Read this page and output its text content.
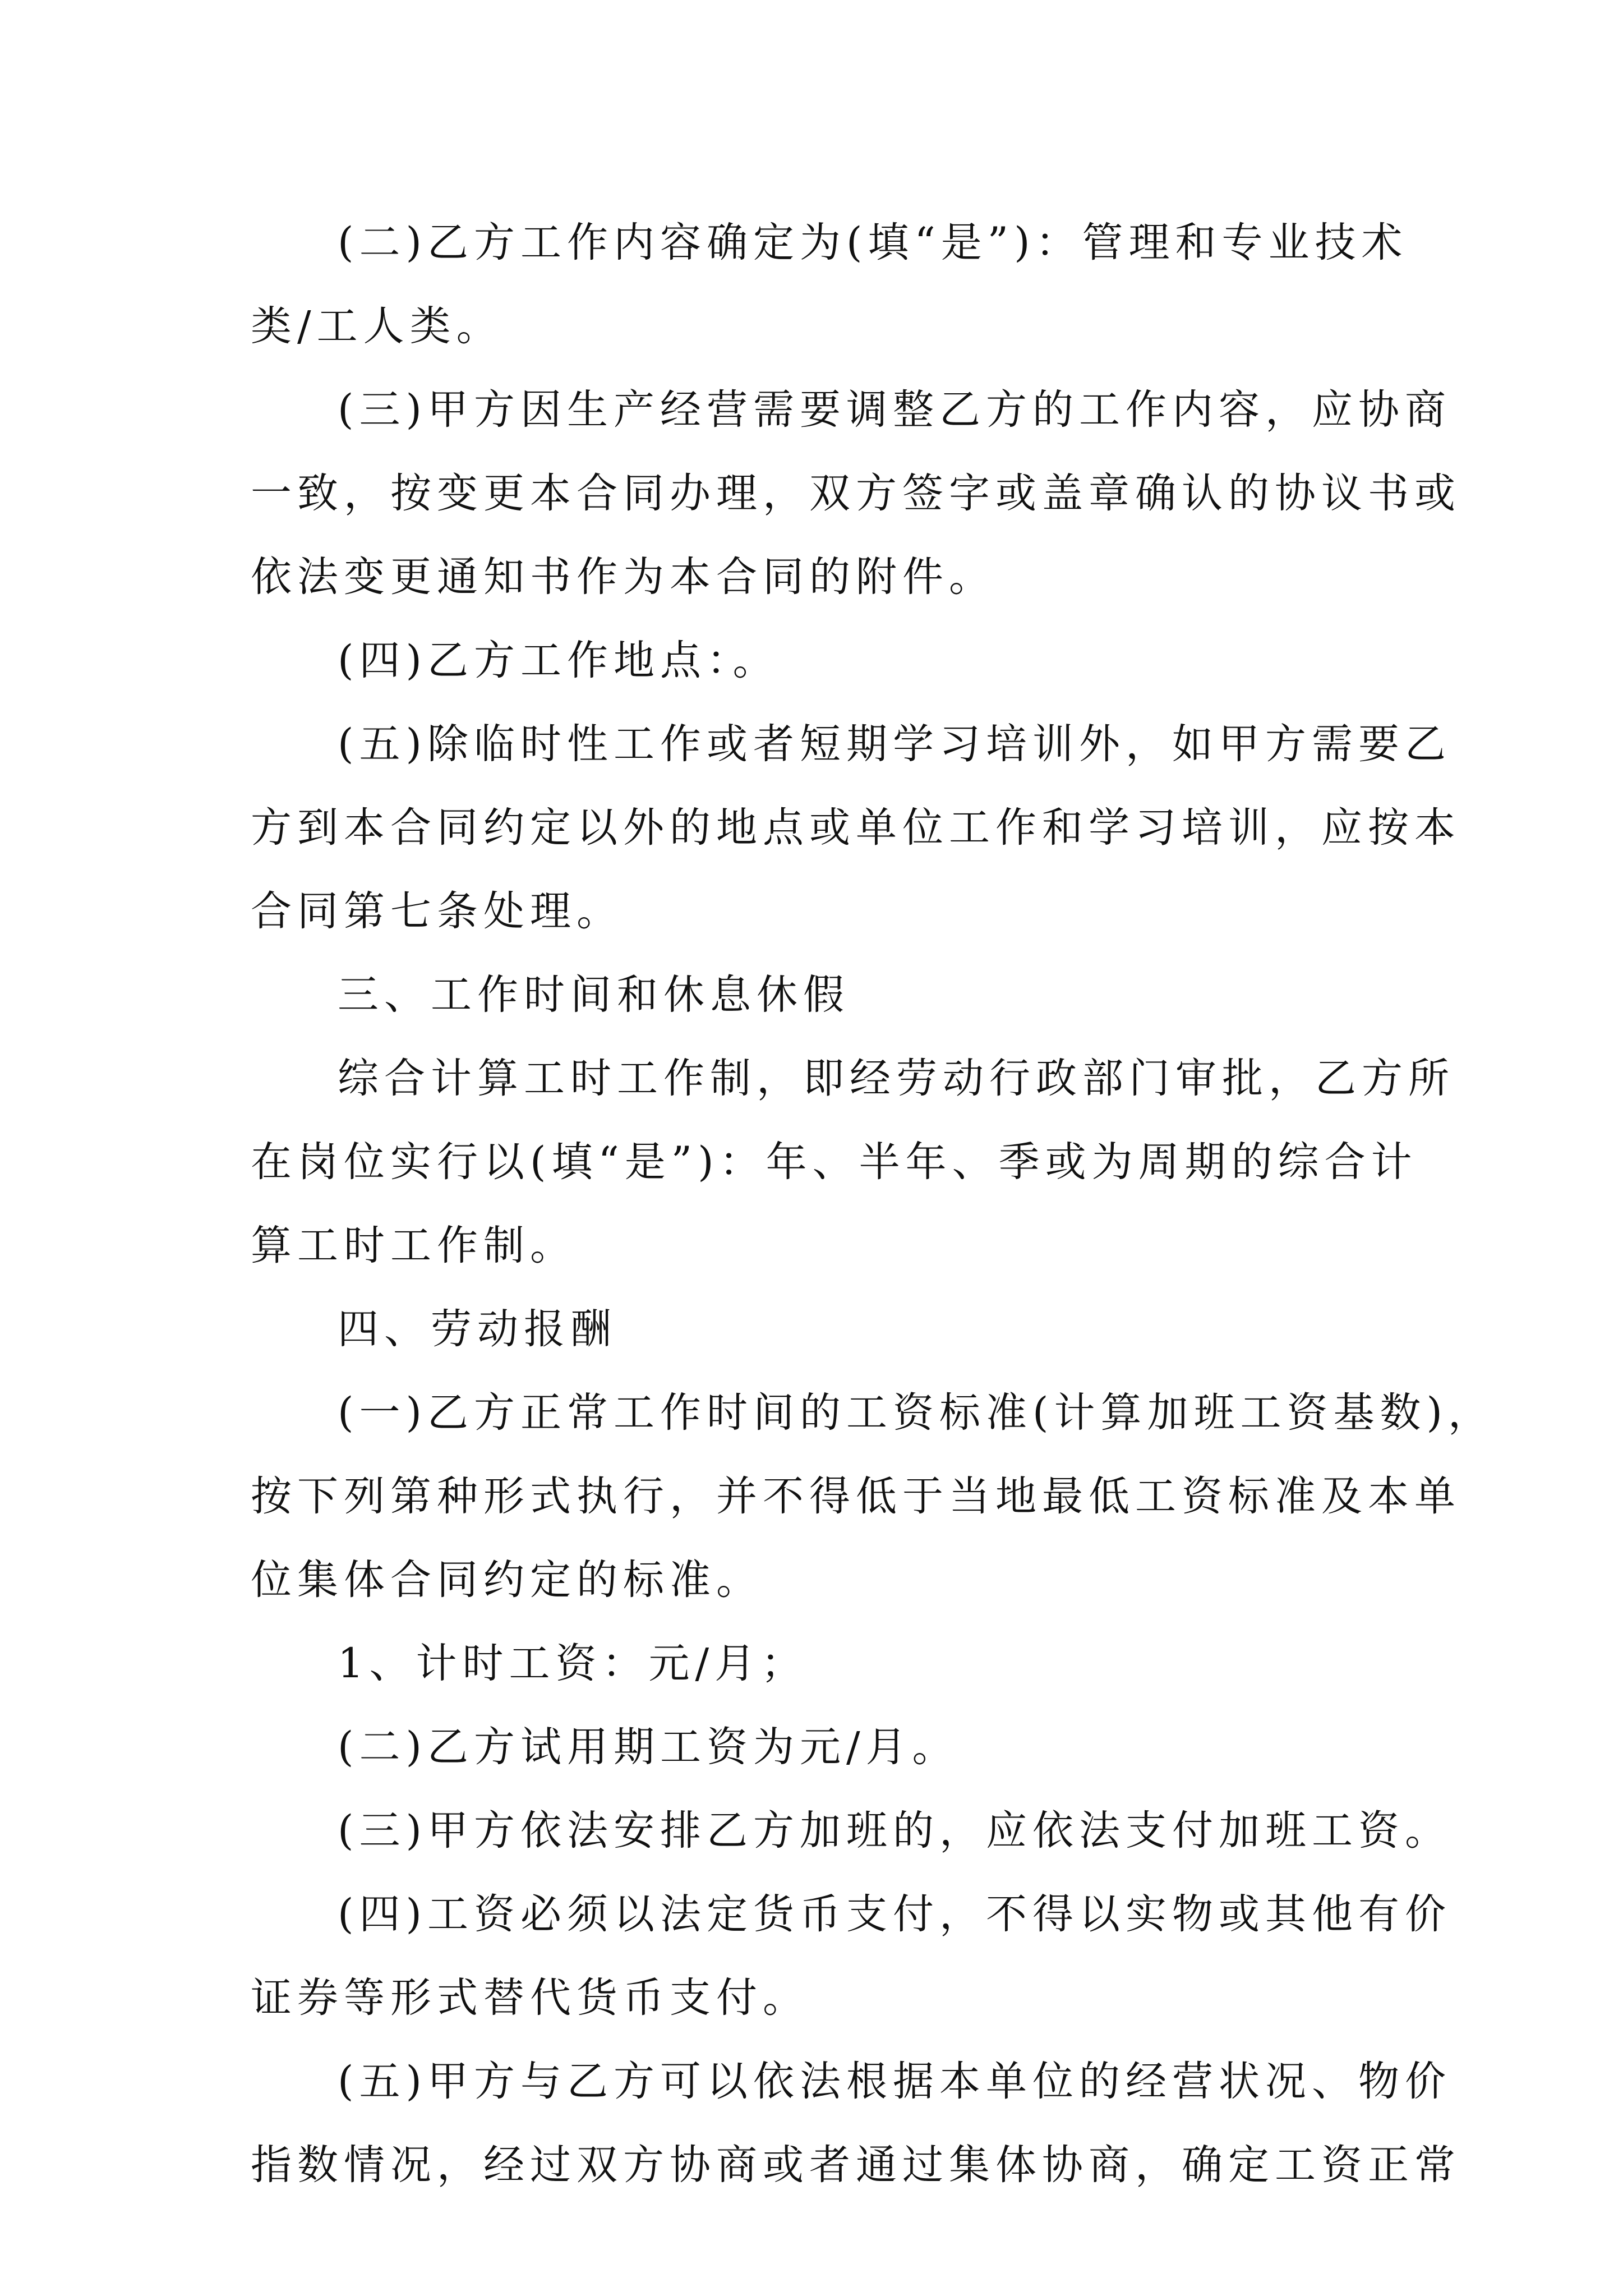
(二)乙方工作内容确定为(填“是”)：管理和专业技术
类/工人类。
(三)甲方因生产经营需要调整乙方的工作内容，应协商
一致，按变更本合同办理，双方签字或盖章确认的协议书或
依法变更通知书作为本合同的附件。
(四)乙方工作地点：。
(五)除临时性工作或者短期学习培训外，如甲方需要乙
方到本合同约定以外的地点或单位工作和学习培训，应按本
合同第七条处理。
三、工作时间和休息休假
综合计算工时工作制，即经劳动行政部门审批，乙方所
在岗位实行以(填“是”)：年、半年、季或为周期的综合计
算工时工作制。
四、劳动报酬
(一)乙方正常工作时间的工资标准(计算加班工资基数)，
按下列第种形式执行，并不得低于当地最低工资标准及本单
位集体合同约定的标准。
1、计时工资：元/月；
(二)乙方试用期工资为元/月。
(三)甲方依法安排乙方加班的，应依法支付加班工资。
(四)工资必须以法定货币支付，不得以实物或其他有价
证券等形式替代货币支付。
(五)甲方与乙方可以依法根据本单位的经营状况、物价
指数情况，经过双方协商或者通过集体协商，确定工资正常
